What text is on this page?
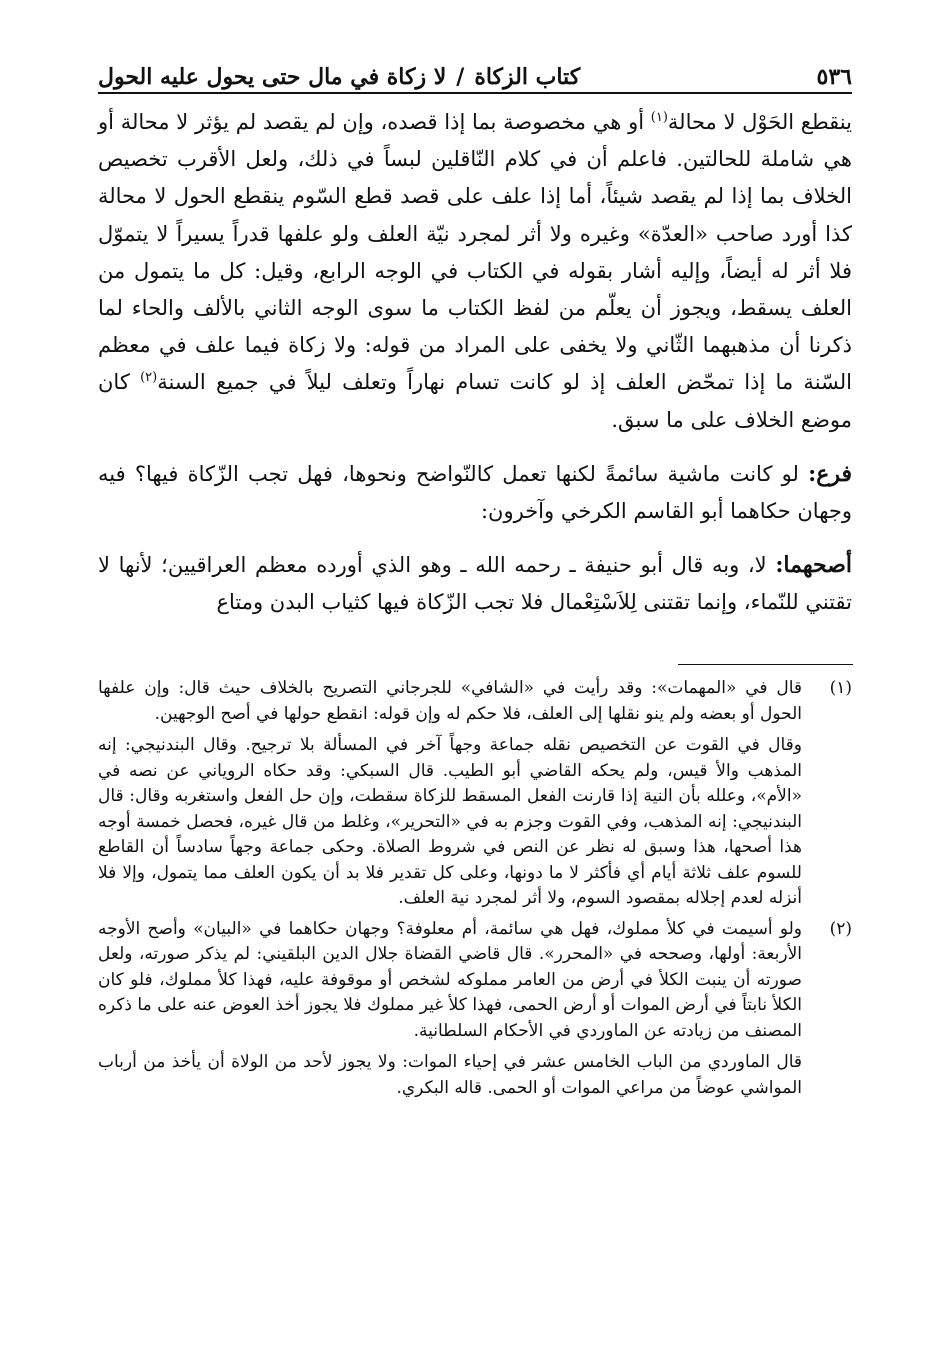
٥٣٦
كتاب الزكاة
/
لا زكاة في مال حتى يحول عليه الحول

ينقطع الحَوْل لا محالة$^{(١)}$ أو هي مخصوصة بما إذا قصده، وإن لم يقصد لم يؤثر لا محالة أو هي شاملة للحالتين. فاعلم أن في كلام النّاقلين لبساً في ذلك، ولعل الأقرب تخصيص الخلاف بما إذا لم يقصد شيئاً، أما إذا علف على قصد قطع السّوم ينقطع الحول لا محالة كذا أورد صاحب «العدّة» وغيره ولا أثر لمجرد نيّة العلف ولو علفها قدراً يسيراً لا يتموّل فلا أثر له أيضاً، وإليه أشار بقوله في الكتاب في الوجه الرابع، وقيل: كل ما يتمول من العلف يسقط، ويجوز أن يعلّم من لفظ الكتاب ما سوى الوجه الثاني بالألف والحاء لما ذكرنا أن مذهبهما الثّاني ولا يخفى على المراد من قوله: ولا زكاة فيما علف في معظم السّنة ما إذا تمحّض العلف إذ لو كانت تسام نهاراً وتعلف ليلاً في جميع السنة$^{(٢)}$ كان موضع الخلاف على ما سبق.

فرع: لو كانت ماشية سائمةً لكنها تعمل كالنّواضح ونحوها، فهل تجب الزّكاة فيها؟ فيه وجهان حكاهما أبو القاسم الكرخي وآخرون:

أصحهما: لا، وبه قال أبو حنيفة ـ رحمه الله ـ وهو الذي أورده معظم العراقيين؛ لأنها لا تقتني للنّماء، وإنما تقتنى لِلاَسْتِعْمال فلا تجب الزّكاة فيها كثياب البدن ومتاع

(١)

قال في «المهمات»: وقد رأيت في «الشافي» للجرجاني التصريح بالخلاف حيث قال: وإن علفها الحول أو بعضه ولم ينو نقلها إلى العلف، فلا حكم له وإن قوله: انقطع حولها في أصح الوجهين.

وقال في القوت عن التخصيص نقله جماعة وجهاً آخر في المسألة بلا ترجيح. وقال البندنيجي: إنه المذهب والأ قيس، ولم يحكه القاضي أبو الطيب. قال السبكي: وقد حكاه الروياني عن نصه في «الأم»، وعلله بأن النية إذا قارنت الفعل المسقط للزكاة سقطت، وإن حل الفعل واستغربه وقال: قال البندنيجي: إنه المذهب، وفي القوت وجزم به في «التحرير»، وغلط من قال غيره، فحصل خمسة أوجه هذا أصحها، هذا وسبق له نظر عن النص في شروط الصلاة. وحكى جماعة وجهاً سادساً أن القاطع للسوم علف ثلاثة أيام أي فأكثر لا ما دونها، وعلى كل تقدير فلا بد أن يكون العلف مما يتمول، وإلا فلا أنزله لعدم إجلاله بمقصود السوم، ولا أثر لمجرد نية العلف.

(٢)

ولو أسيمت في كلأ مملوك، فهل هي سائمة، أم معلوفة؟ وجهان حكاهما في «البيان» وأصح الأوجه الأربعة: أولها، وصححه في «المحرر». قال قاضي القضاة جلال الدين البلقيني: لم يذكر صورته، ولعل صورته أن ينبت الكلأ في أرض من العامر مملوكه لشخص أو موقوفة عليه، فهذا كلأ مملوك، فلو كان الكلأ نابتاً في أرض الموات أو أرض الحمى، فهذا كلأ غير مملوك فلا يجوز أخذ العوض عنه على ما ذكره المصنف من زيادته عن الماوردي في الأحكام السلطانية.

قال الماوردي من الباب الخامس عشر في إحياء الموات: ولا يجوز لأحد من الولاة أن يأخذ من أرباب المواشي عوضاً من مراعي الموات أو الحمى. قاله البكري.
